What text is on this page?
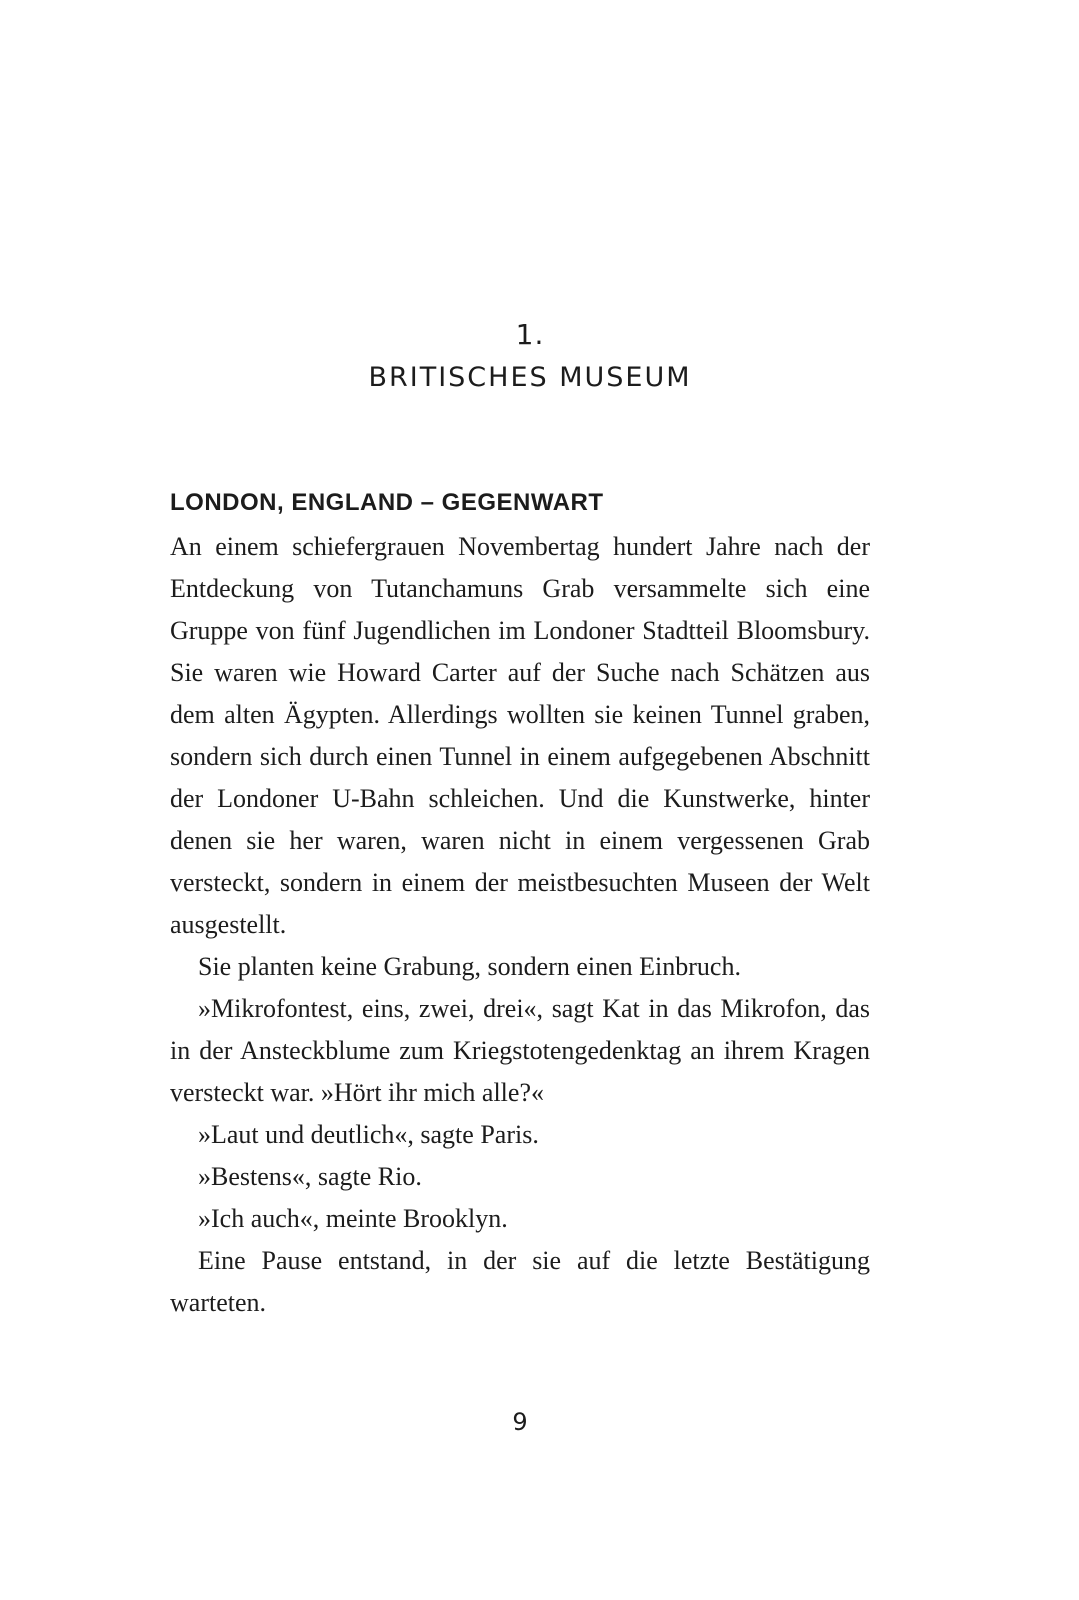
1.
BRITISCHES MUSEUM
LONDON, ENGLAND – GEGENWART

An einem schiefergrauen Novembertag hundert Jahre nach der Entdeckung von Tutanchamuns Grab versammelte sich eine Gruppe von fünf Jugendlichen im Londoner Stadtteil Bloomsbury. Sie waren wie Howard Carter auf der Suche nach Schätzen aus dem alten Ägypten. Allerdings wollten sie keinen Tunnel graben, sondern sich durch einen Tunnel in einem aufgegebenen Abschnitt der Londoner U-Bahn schleichen. Und die Kunstwerke, hinter denen sie her waren, waren nicht in einem vergessenen Grab versteckt, sondern in einem der meistbesuchten Museen der Welt ausgestellt.

Sie planten keine Grabung, sondern einen Einbruch.

»Mikrofontest, eins, zwei, drei«, sagt Kat in das Mikrofon, das in der Ansteckblume zum Kriegstotengedenktag an ihrem Kragen versteckt war. »Hört ihr mich alle?«

»Laut und deutlich«, sagte Paris.

»Bestens«, sagte Rio.

»Ich auch«, meinte Brooklyn.

Eine Pause entstand, in der sie auf die letzte Bestätigung warteten.

9
